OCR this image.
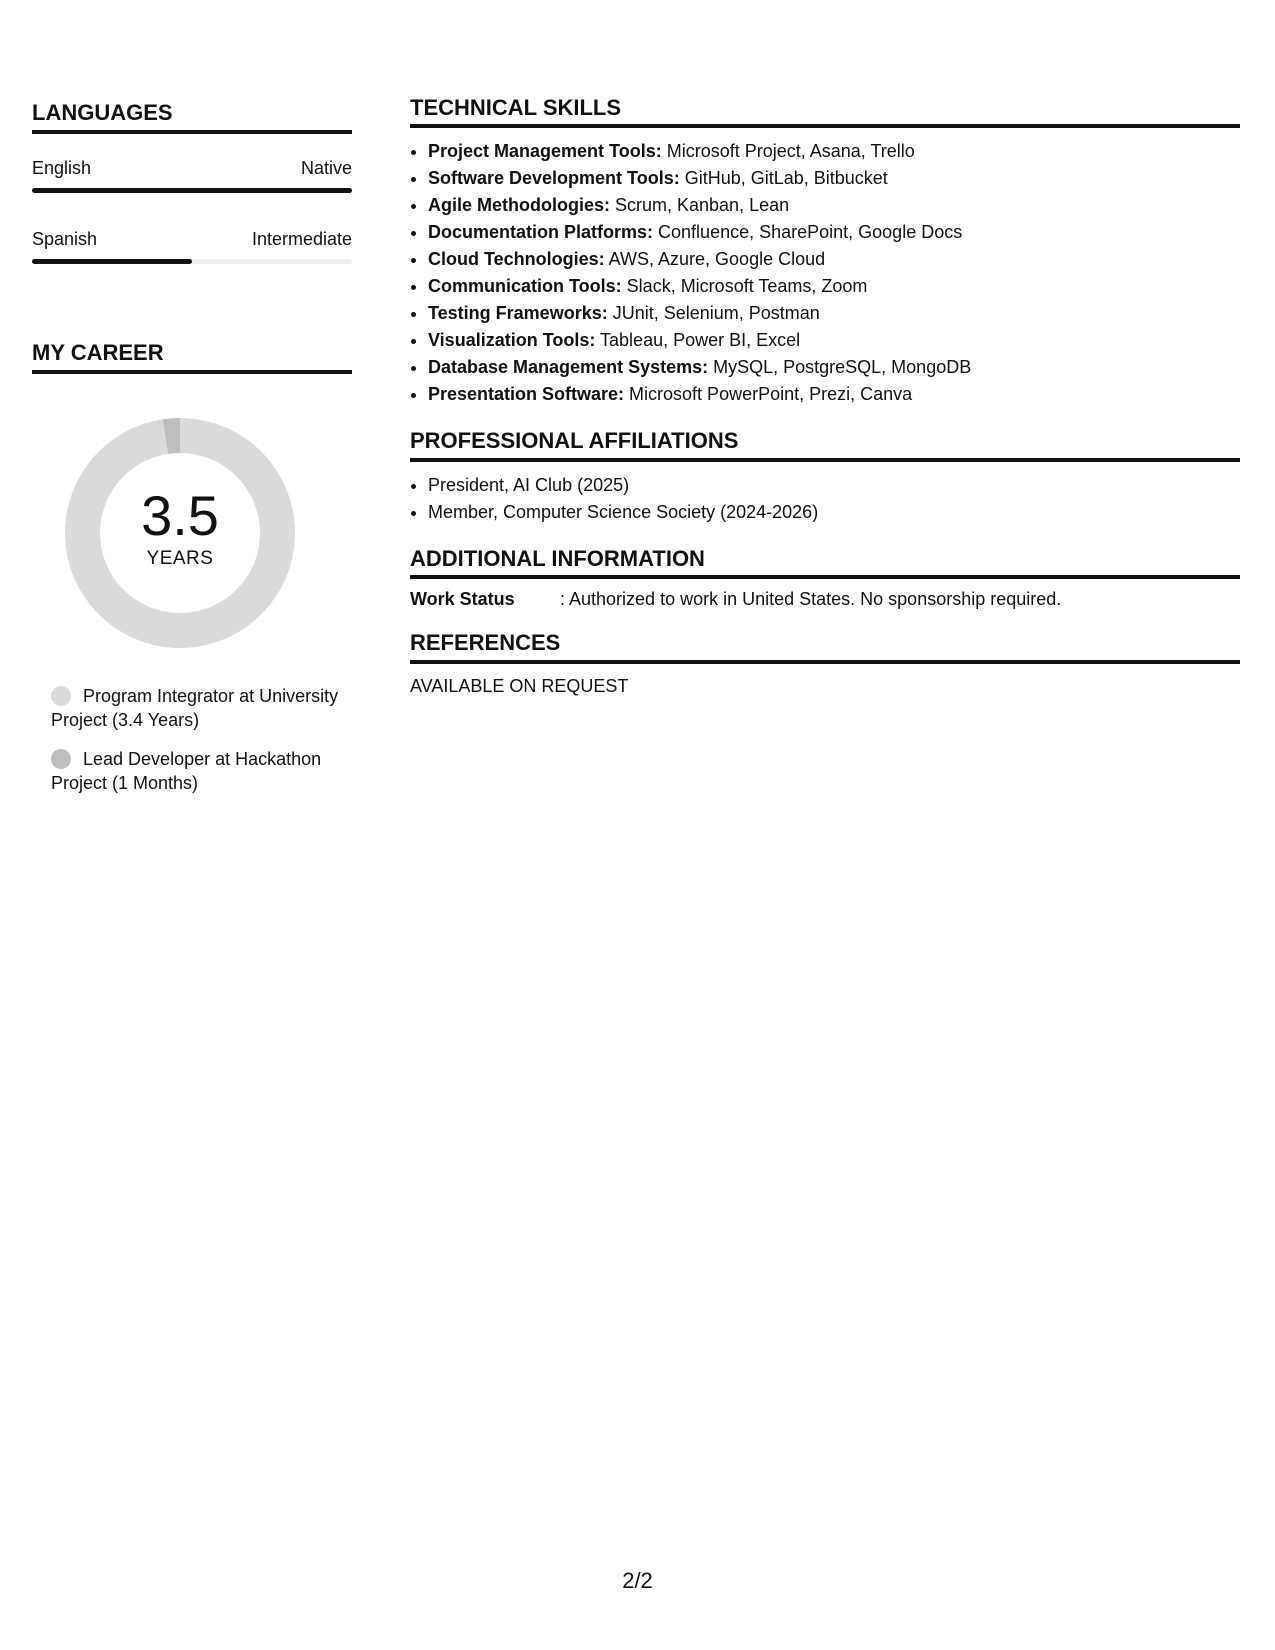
LANGUAGES
English	Native
Spanish	Intermediate
MY CAREER
3.5
YEARS
Program Integrator at University Project (3.4 Years)
Lead Developer at Hackathon Project (1 Months)
TECHNICAL SKILLS
• Project Management Tools: Microsoft Project, Asana, Trello
• Software Development Tools: GitHub, GitLab, Bitbucket
• Agile Methodologies: Scrum, Kanban, Lean
• Documentation Platforms: Confluence, SharePoint, Google Docs
• Cloud Technologies: AWS, Azure, Google Cloud
• Communication Tools: Slack, Microsoft Teams, Zoom
• Testing Frameworks: JUnit, Selenium, Postman
• Visualization Tools: Tableau, Power BI, Excel
• Database Management Systems: MySQL, PostgreSQL, MongoDB
• Presentation Software: Microsoft PowerPoint, Prezi, Canva
PROFESSIONAL AFFILIATIONS
• President, AI Club (2025)
• Member, Computer Science Society (2024-2026)
ADDITIONAL INFORMATION
Work Status	: Authorized to work in United States. No sponsorship required.
REFERENCES
AVAILABLE ON REQUEST
2/2
